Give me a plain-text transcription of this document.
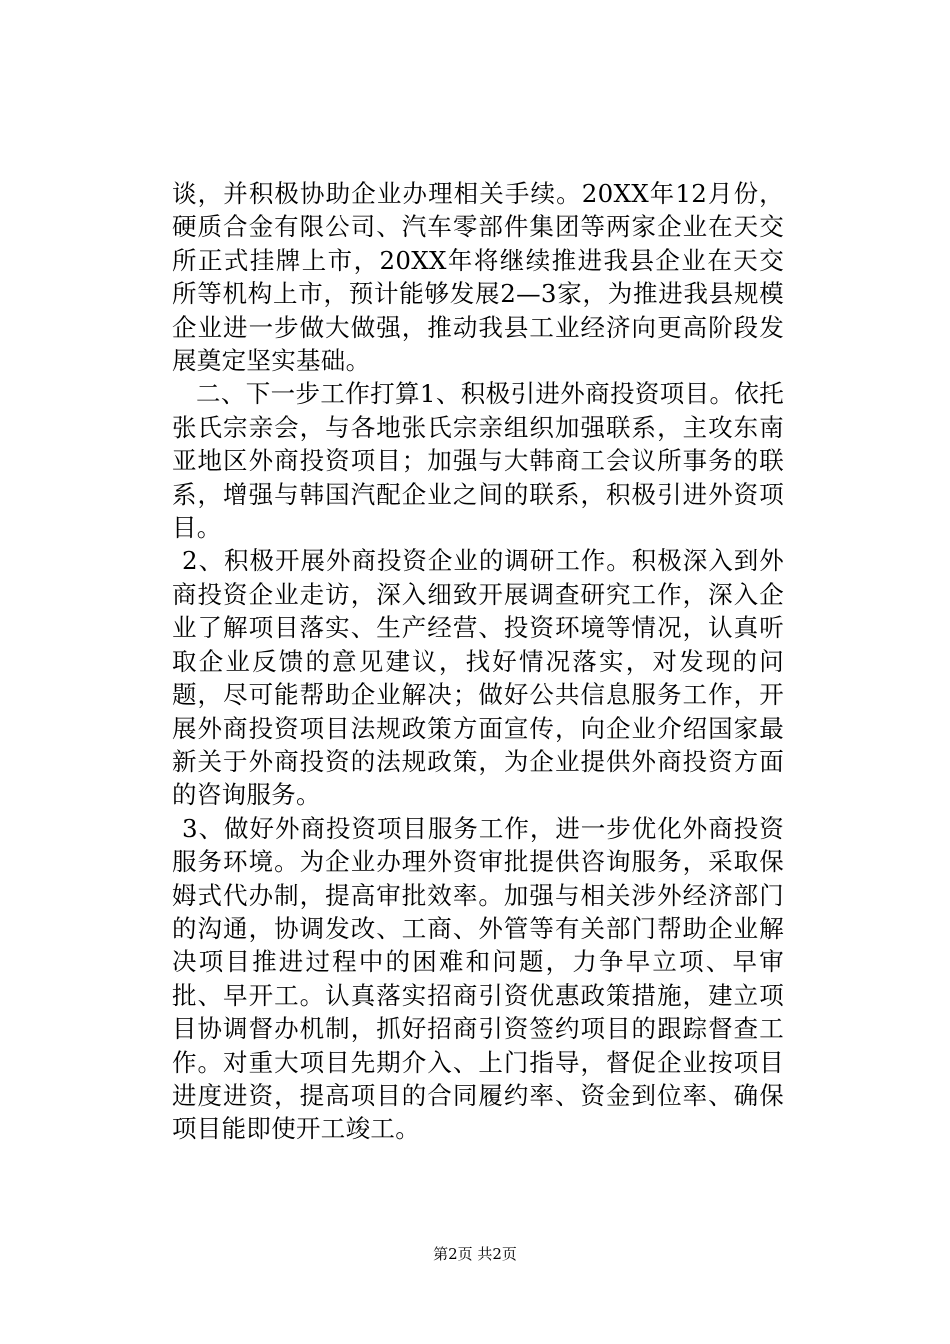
谈，并积极协助企业办理相关手续。20XX年12月份，硬质合金有限公司、汽车零部件集团等两家企业在天交所正式挂牌上市，20XX年将继续推进我县企业在天交所等机构上市，预计能够发展2—3家，为推进我县规模企业进一步做大做强，推动我县工业经济向更高阶段发展奠定坚实基础。

二、下一步工作打算1、积极引进外商投资项目。依托张氏宗亲会，与各地张氏宗亲组织加强联系，主攻东南亚地区外商投资项目；加强与大韩商工会议所事务的联系，增强与韩国汽配企业之间的联系，积极引进外资项目。

2、积极开展外商投资企业的调研工作。积极深入到外商投资企业走访，深入细致开展调查研究工作，深入企业了解项目落实、生产经营、投资环境等情况，认真听取企业反馈的意见建议，找好情况落实，对发现的问题，尽可能帮助企业解决；做好公共信息服务工作，开展外商投资项目法规政策方面宣传，向企业介绍国家最新关于外商投资的法规政策，为企业提供外商投资方面的咨询服务。

3、做好外商投资项目服务工作，进一步优化外商投资服务环境。为企业办理外资审批提供咨询服务，采取保姆式代办制，提高审批效率。加强与相关涉外经济部门的沟通，协调发改、工商、外管等有关部门帮助企业解决项目推进过程中的困难和问题，力争早立项、早审批、早开工。认真落实招商引资优惠政策措施，建立项目协调督办机制，抓好招商引资签约项目的跟踪督查工作。对重大项目先期介入、上门指导，督促企业按项目进度进资，提高项目的合同履约率、资金到位率、确保项目能即使开工竣工。

第2页 共2页
